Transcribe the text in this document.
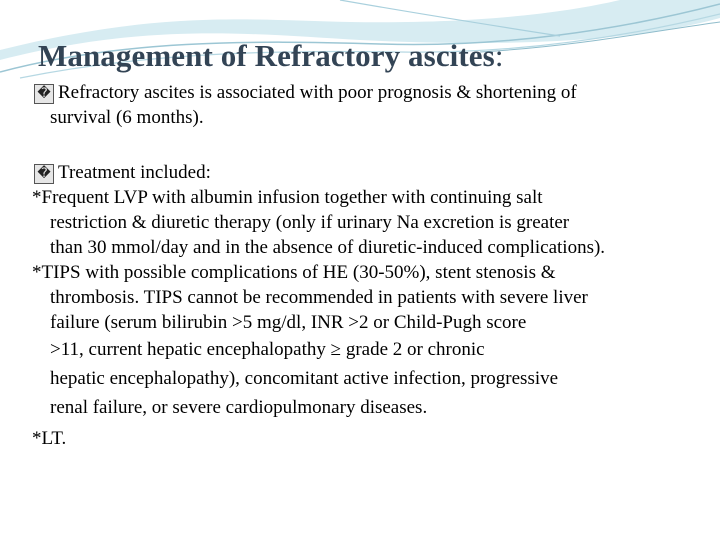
Management of Refractory ascites:
� Refractory ascites is associated with poor prognosis & shortening of
survival (6 months).
� Treatment included:
*Frequent LVP with albumin infusion together with continuing salt
restriction & diuretic therapy (only if urinary Na excretion is greater
than 30 mmol/day and in the absence of diuretic-induced complications).
*TIPS with possible complications of HE (30-50%), stent stenosis &
thrombosis. TIPS cannot be recommended in patients with severe liver
failure (serum bilirubin >5 mg/dl, INR >2 or Child-Pugh score
>11, current hepatic encephalopathy ≥ grade 2 or chronic
hepatic encephalopathy), concomitant active infection, progressive
renal failure, or severe cardiopulmonary diseases.
*LT.
